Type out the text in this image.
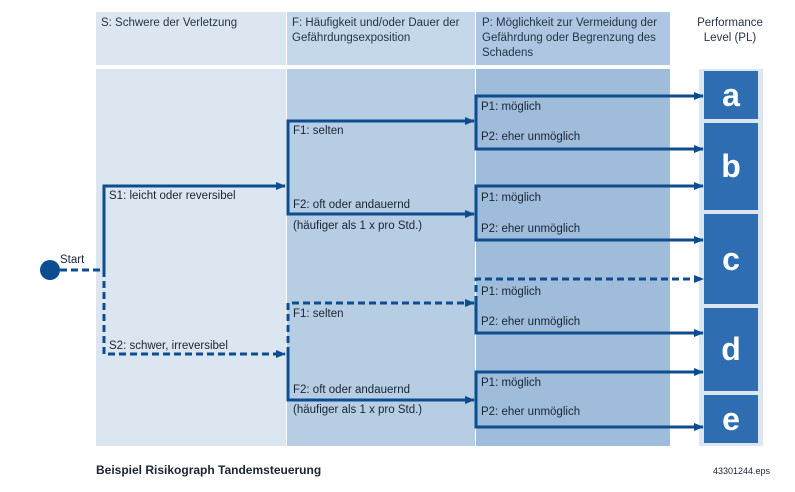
S: Schwere der Verletzung	F: Häufigkeit und/oder Dauer der Gefährdungsexposition
P: Möglichkeit zur Vermeidung der Gefährdung oder Begrenzung des Schadens
Performance Level (PL)
a
b
c
d
e
Start
S1: leicht oder reversibel
S2: schwer, irreversibel
F1: selten
F2: oft oder andauernd
(häufiger als 1 x pro Std.)
F1: selten
F2: oft oder andauernd
(häufiger als 1 x pro Std.)
P1: möglich
P2: eher unmöglich
P1: möglich
P2: eher unmöglich
P1: möglich
P2: eher unmöglich
P1: möglich
P2: eher unmöglich
Beispiel Risikograph Tandemsteuerung	43301244.eps
